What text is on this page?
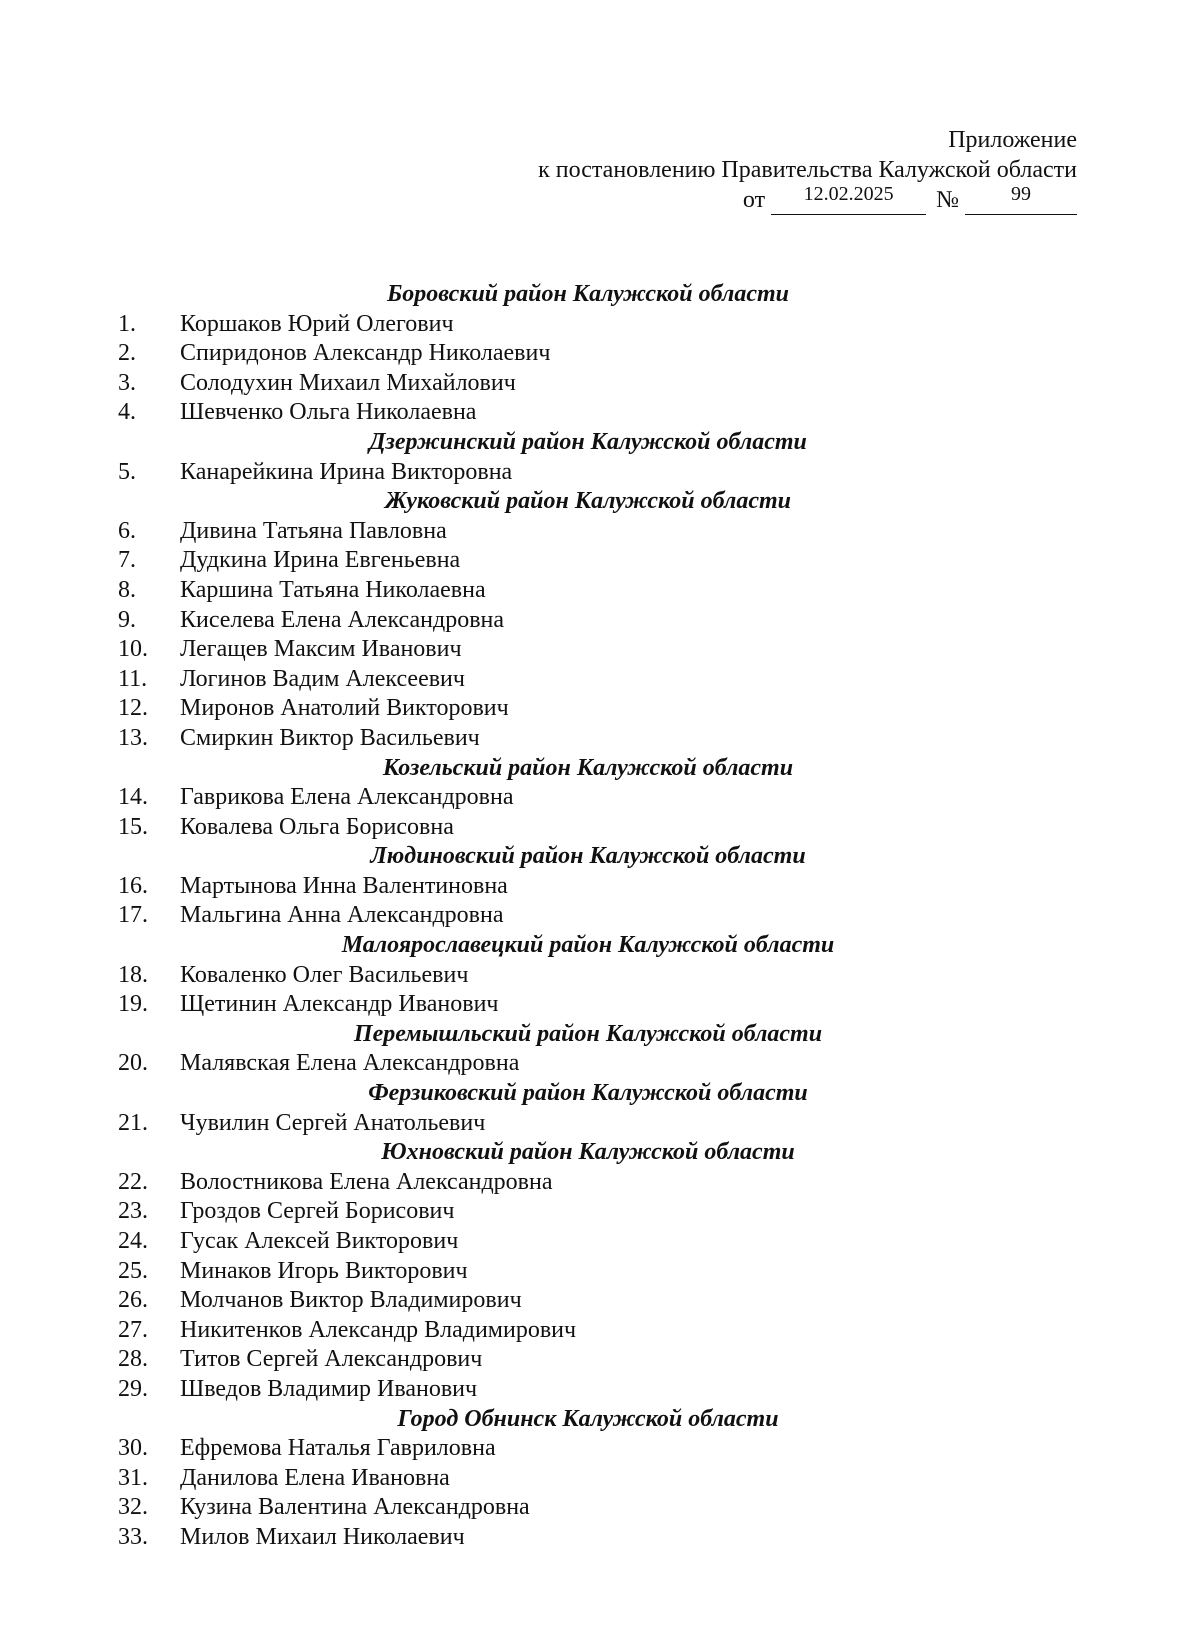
Приложение
к постановлению Правительства Калужской области
от	$^{12.02.2025}$	№	$^{99}$
Боровский район Калужской области
1.	Коршаков Юрий Олегович
2.	Спиридонов Александр Николаевич
3.	Солодухин Михаил Михайлович
4.	Шевченко Ольга Николаевна
Дзержинский район Калужской области
5.	Канарейкина Ирина Викторовна
Жуковский район Калужской области
6.	Дивина Татьяна Павловна
7.	Дудкина Ирина Евгеньевна
8.	Каршина Татьяна Николаевна
9.	Киселева Елена Александровна
10.	Легащев Максим Иванович
11.	Логинов Вадим Алексеевич
12.	Миронов Анатолий Викторович
13.	Смиркин Виктор Васильевич
Козельский район Калужской области
14.	Гаврикова Елена Александровна
15.	Ковалева Ольга Борисовна
Людиновский район Калужской области
16.	Мартынова Инна Валентиновна
17.	Мальгина Анна Александровна
Малоярославецкий район Калужской области
18.	Коваленко Олег Васильевич
19.	Щетинин Александр Иванович
Перемышльский район Калужской области
20.	Малявская Елена Александровна
Ферзиковский район Калужской области
21.	Чувилин Сергей Анатольевич
Юхновский район Калужской области
22.	Волостникова Елена Александровна
23.	Гроздов Сергей Борисович
24.	Гусак Алексей Викторович
25.	Минаков Игорь Викторович
26.	Молчанов Виктор Владимирович
27.	Никитенков Александр Владимирович
28.	Титов Сергей Александрович
29.	Шведов Владимир Иванович
Город Обнинск Калужской области
30.	Ефремова Наталья Гавриловна
31.	Данилова Елена Ивановна
32.	Кузина Валентина Александровна
33.	Милов Михаил Николаевич
